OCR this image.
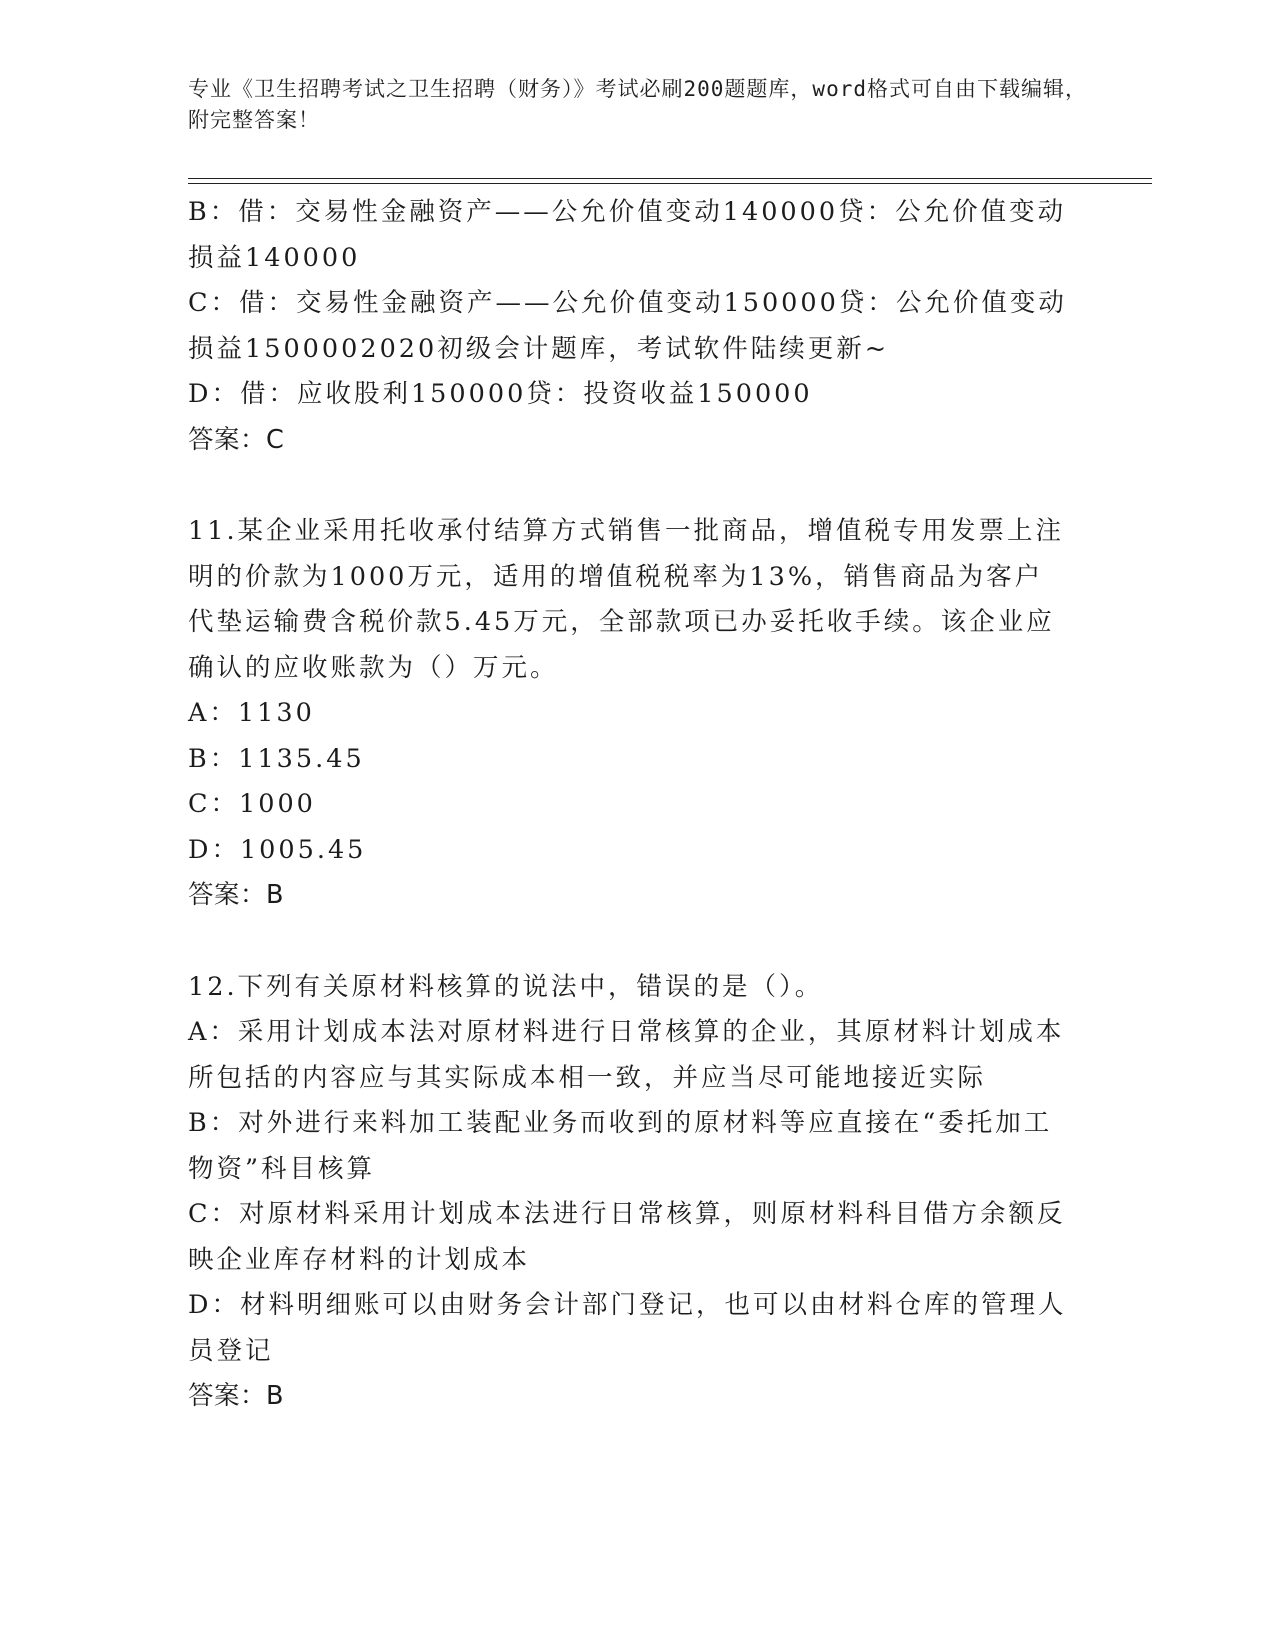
专业《卫生招聘考试之卫生招聘（财务）》考试必刷200题题库，word格式可自由下载编辑，附完整答案！

B：借：交易性金融资产——公允价值变动140000贷：公允价值变动损益140000

C：借：交易性金融资产——公允价值变动150000贷：公允价值变动损益1500002020初级会计题库，考试软件陆续更新~

D：借：应收股利150000贷：投资收益150000

答案：C

11.某企业采用托收承付结算方式销售一批商品，增值税专用发票上注明的价款为1000万元，适用的增值税税率为13%，销售商品为客户代垫运输费含税价款5.45万元，全部款项已办妥托收手续。该企业应确认的应收账款为（）万元。

A：1130

B：1135.45

C：1000

D：1005.45

答案：B

12.下列有关原材料核算的说法中，错误的是（）。

A：采用计划成本法对原材料进行日常核算的企业，其原材料计划成本所包括的内容应与其实际成本相一致，并应当尽可能地接近实际

B：对外进行来料加工装配业务而收到的原材料等应直接在“委托加工物资”科目核算

C：对原材料采用计划成本法进行日常核算，则原材料科目借方余额反映企业库存材料的计划成本

D：材料明细账可以由财务会计部门登记，也可以由材料仓库的管理人员登记

答案：B
